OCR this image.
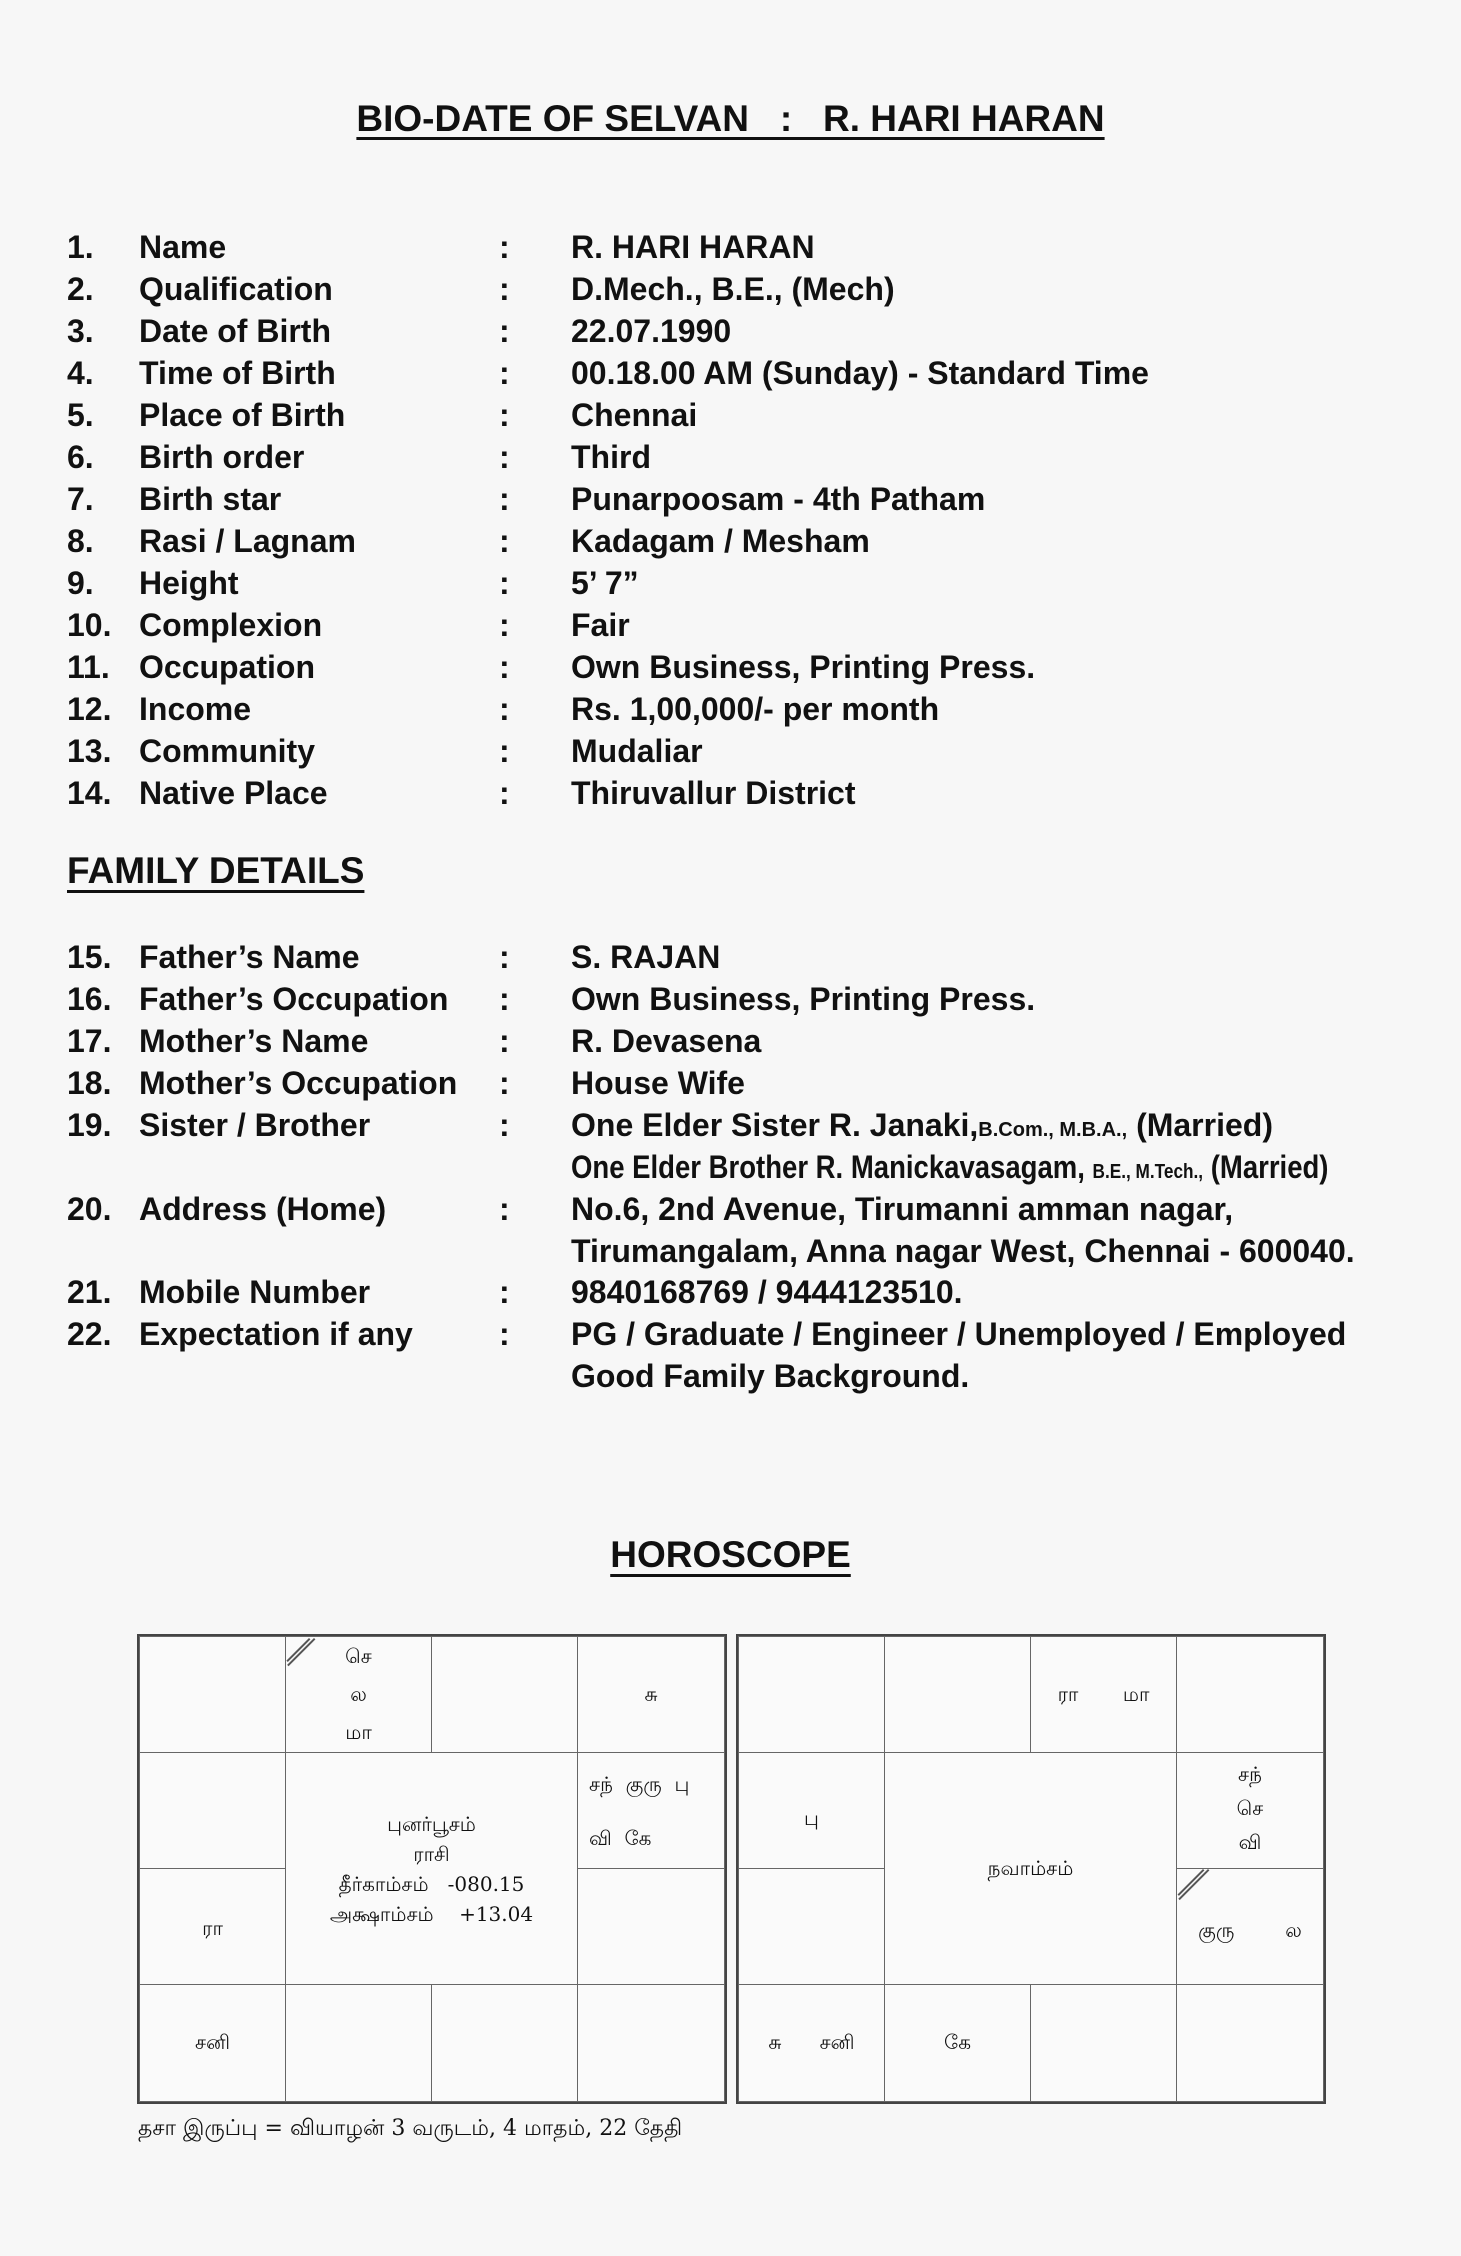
BIO-DATE OF SELVAN   :   R. HARI HARAN
1. Name	: R. HARI HARAN
2. Qualification	: D.Mech., B.E., (Mech)
3. Date of Birth	: 22.07.1990
4. Time of Birth	: 00.18.00 AM (Sunday) - Standard Time
5. Place of Birth	: Chennai
6. Birth order	: Third
7. Birth star	: Punarpoosam - 4th Patham
8. Rasi / Lagnam	: Kadagam / Mesham
9. Height	: 5’ 7”
10. Complexion	: Fair
11. Occupation	: Own Business, Printing Press.
12. Income	: Rs. 1,00,000/- per month
13. Community	: Mudaliar
14. Native Place	: Thiruvallur District
FAMILY DETAILS
15. Father’s Name	: S. RAJAN
16. Father’s Occupation : Own Business, Printing Press.
17. Mother’s Name	: R. Devasena
18. Mother’s Occupation : House Wife
19. Sister / Brother	: One Elder Sister R. Janaki,B.Com., M.B.A., (Married)
One Elder Brother R. Manickavasagam, B.E., M.Tech., (Married)
20. Address (Home)	: No.6, 2nd Avenue, Tirumanni amman nagar,
Tirumangalam, Anna nagar West, Chennai - 600040.
21. Mobile Number	: 9840168769 / 9444123510.
22. Expectation if any	: PG / Graduate / Engineer / Unemployed / Employed
Good Family Background.
HOROSCOPE
செ
ல
மா
சு
சந்  குரு  பு
வி  கே
ரா
சனி
புனர்பூசம்
ராசி
தீர்காம்சம்   -080.15
அக்ஷாம்சம்    +13.04
ரா       மா
பு
சந்
செ
வி
குரு        ல
சு      சனி	கே
நவாம்சம்
தசா இருப்பு = வியாழன் 3 வருடம், 4 மாதம், 22 தேதி
